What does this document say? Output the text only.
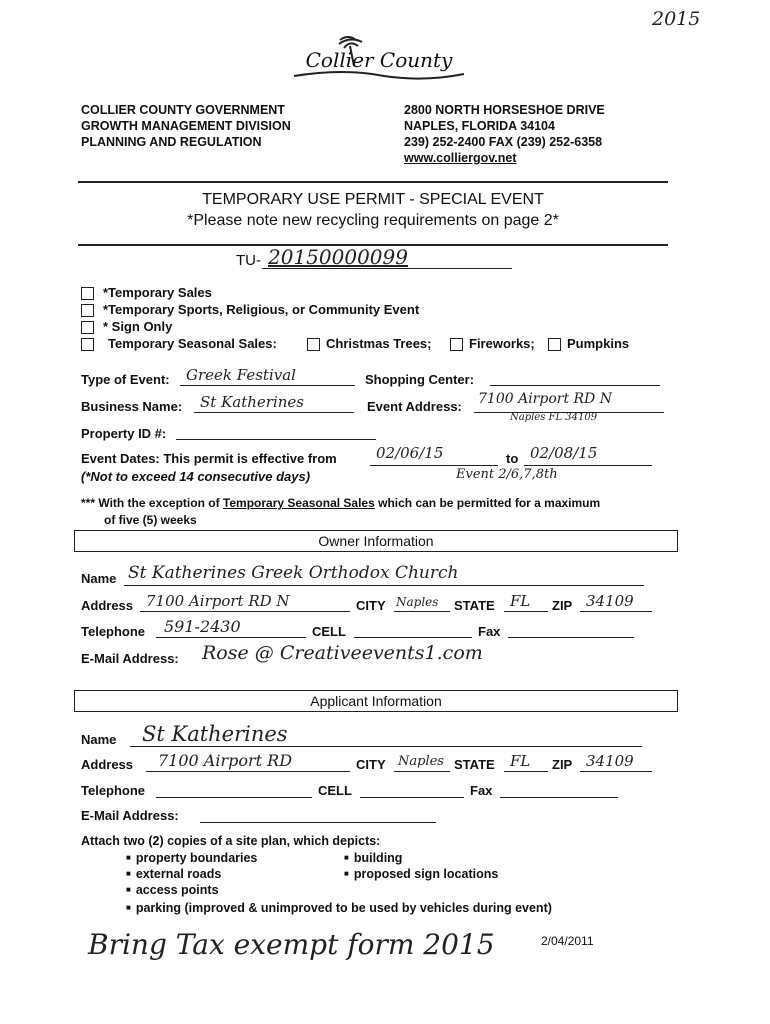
2015
Collier County
COLLIER COUNTY GOVERNMENT
GROWTH MANAGEMENT DIVISION
PLANNING AND REGULATION
2800 NORTH HORSESHOE DRIVE
NAPLES, FLORIDA 34104
239) 252-2400 FAX (239) 252-6358
www.colliergov.net
TEMPORARY USE PERMIT - SPECIAL EVENT
*Please note new recycling requirements on page 2*
TU- 20150000099
*Temporary Sales
*Temporary Sports, Religious, or Community Event
* Sign Only
Temporary Seasonal Sales:	Christmas Trees;	Fireworks; Pumpkins
Type of Event: Greek Festival	Shopping Center:
Business Name: St Katherines	Event Address: 7100 Airport RD N
Naples FL 34109
Property ID #:
Event Dates: This permit is effective from	02/06/15	to 02/08/15
(*Not to exceed 14 consecutive days)	Event 2/6,7,8th
*** With the exception of Temporary Seasonal Sales which can be permitted for a maximum
of five (5) weeks
Owner Information
Name St Katherines Greek Orthodox Church
Address 7100 Airport RD N	CITY Naples STATE FL ZIP 34109
Telephone 591-2430	CELL	Fax
E-Mail Address: Rose @ Creativeevents1.com
Applicant Information
Name St Katherines
Address 7100 Airport RD	CITY Naples STATE FL ZIP 34109
Telephone	CELL	Fax
E-Mail Address:
Attach two (2) copies of a site plan, which depicts:
■ property boundaries	■ building
■ external roads	■ proposed sign locations
■ access points
■ parking (improved & unimproved to be used by vehicles during event)
Bring Tax exempt form 2015	2/04/2011
